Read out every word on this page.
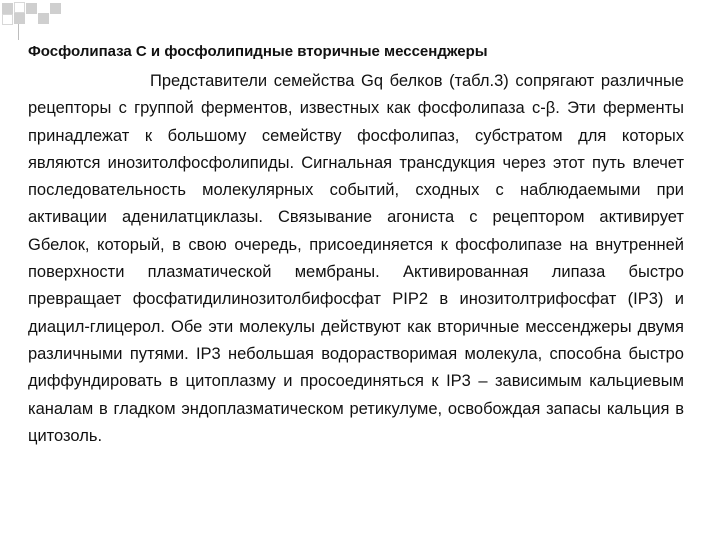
Фосфолипаза С и фосфолипидные вторичные мессенджеры

Представители семейства Gq белков (табл.3) сопрягают различные рецепторы с группой ферментов, известных как фосфолипаза с-β. Эти ферменты принадлежат к большому семейству фосфолипаз, субстратом для которых являются инозитолфосфолипиды. Сигнальная трансдукция через этот путь влечет последовательность молекулярных событий, сходных с наблюдаемыми при активации аденилатциклазы. Связывание агониста с рецептором активирует Gбелок, который, в свою очередь, присоединяется к фосфолипазе на внутренней поверхности плазматической мембраны. Активированная липаза быстро превращает фосфатидилинозитолбифосфат PIP2 в инозитолтрифосфат (IP3) и диацил-глицерол. Обе эти молекулы действуют как вторичные мессенджеры двумя различными путями. IP3 небольшая водорастворимая молекула, способна быстро диффундировать в цитоплазму и просоединяться к IP3 – зависимым кальциевым каналам в гладком эндоплазматическом ретикулуме, освобождая запасы кальция в цитозоль.
